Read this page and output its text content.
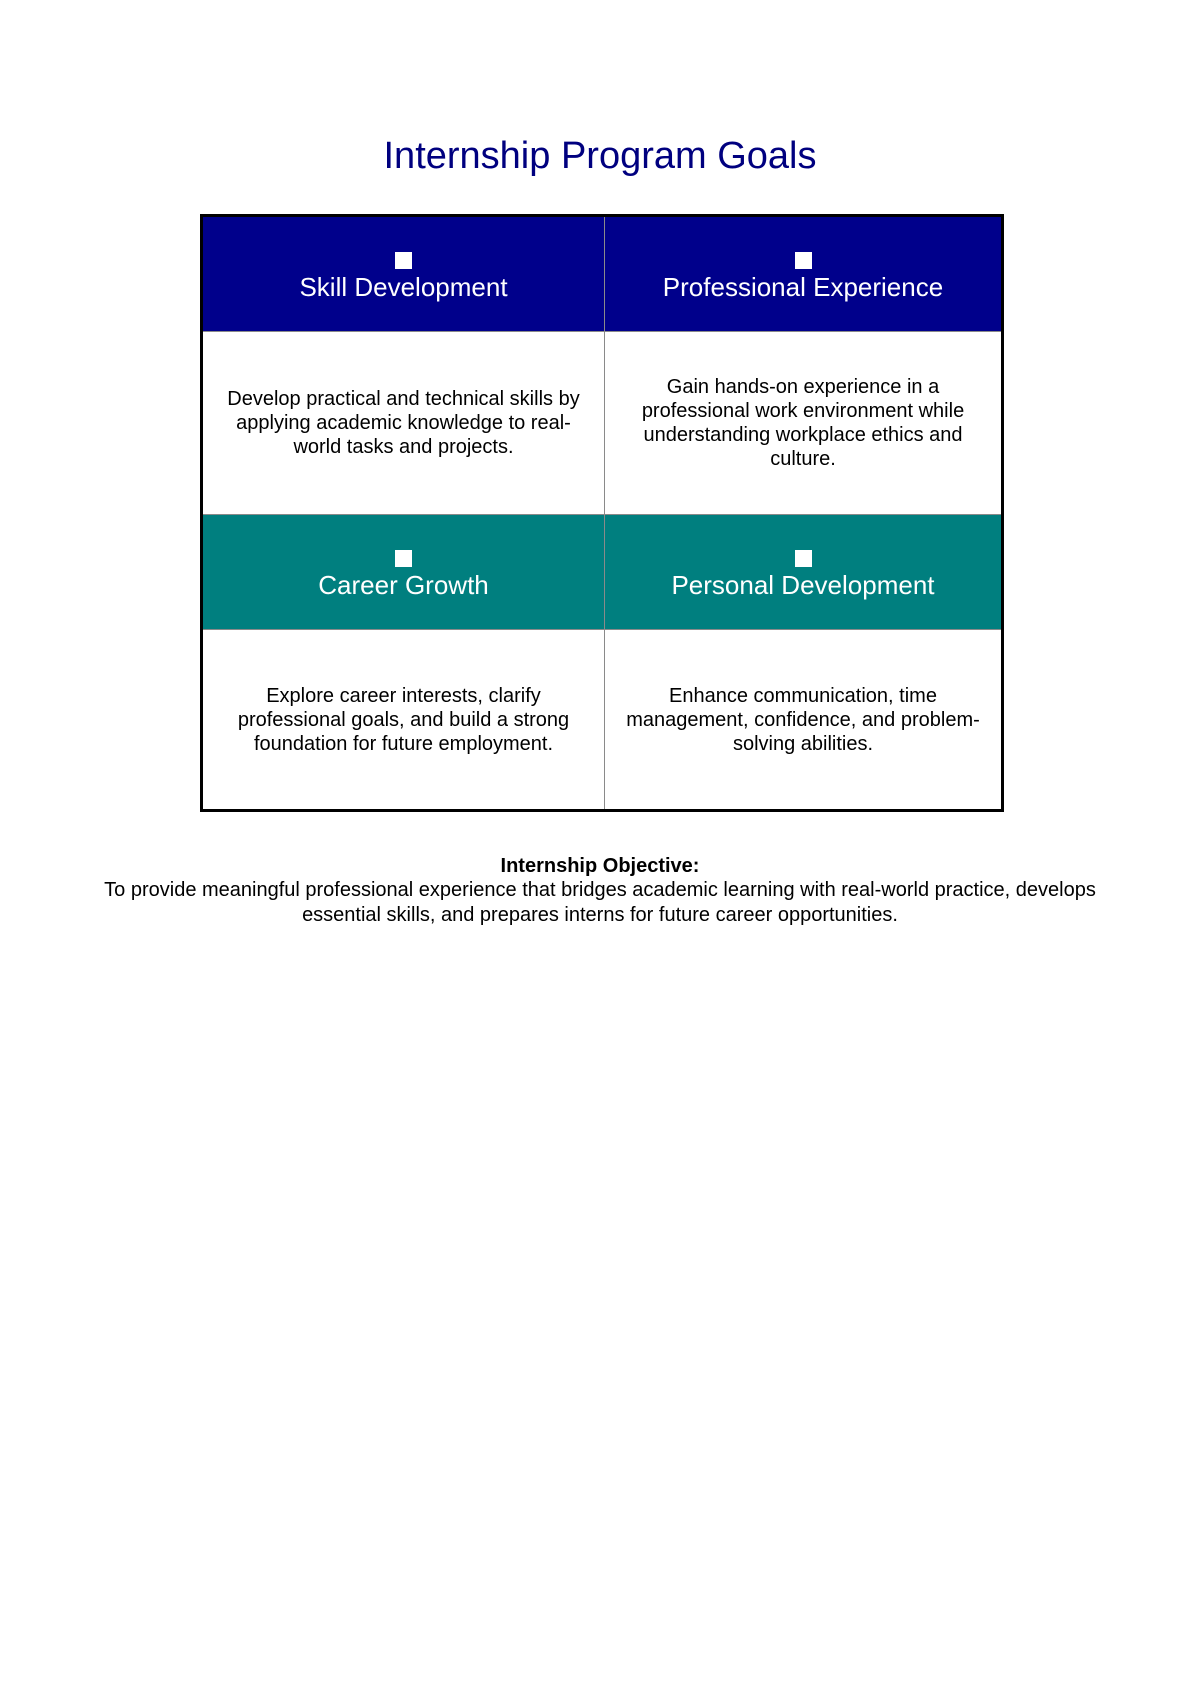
Internship Program Goals
Skill Development	Professional Experience
Develop practical and technical skills by applying academic knowledge to real-world tasks and projects.
Gain hands-on experience in a professional work environment while understanding workplace ethics and culture.
Career Growth	Personal Development
Explore career interests, clarify professional goals, and build a strong foundation for future employment.
Enhance communication, time management, confidence, and problem-solving abilities.
Internship Objective:
To provide meaningful professional experience that bridges academic learning with real-world practice, develops essential skills, and prepares interns for future career opportunities.
